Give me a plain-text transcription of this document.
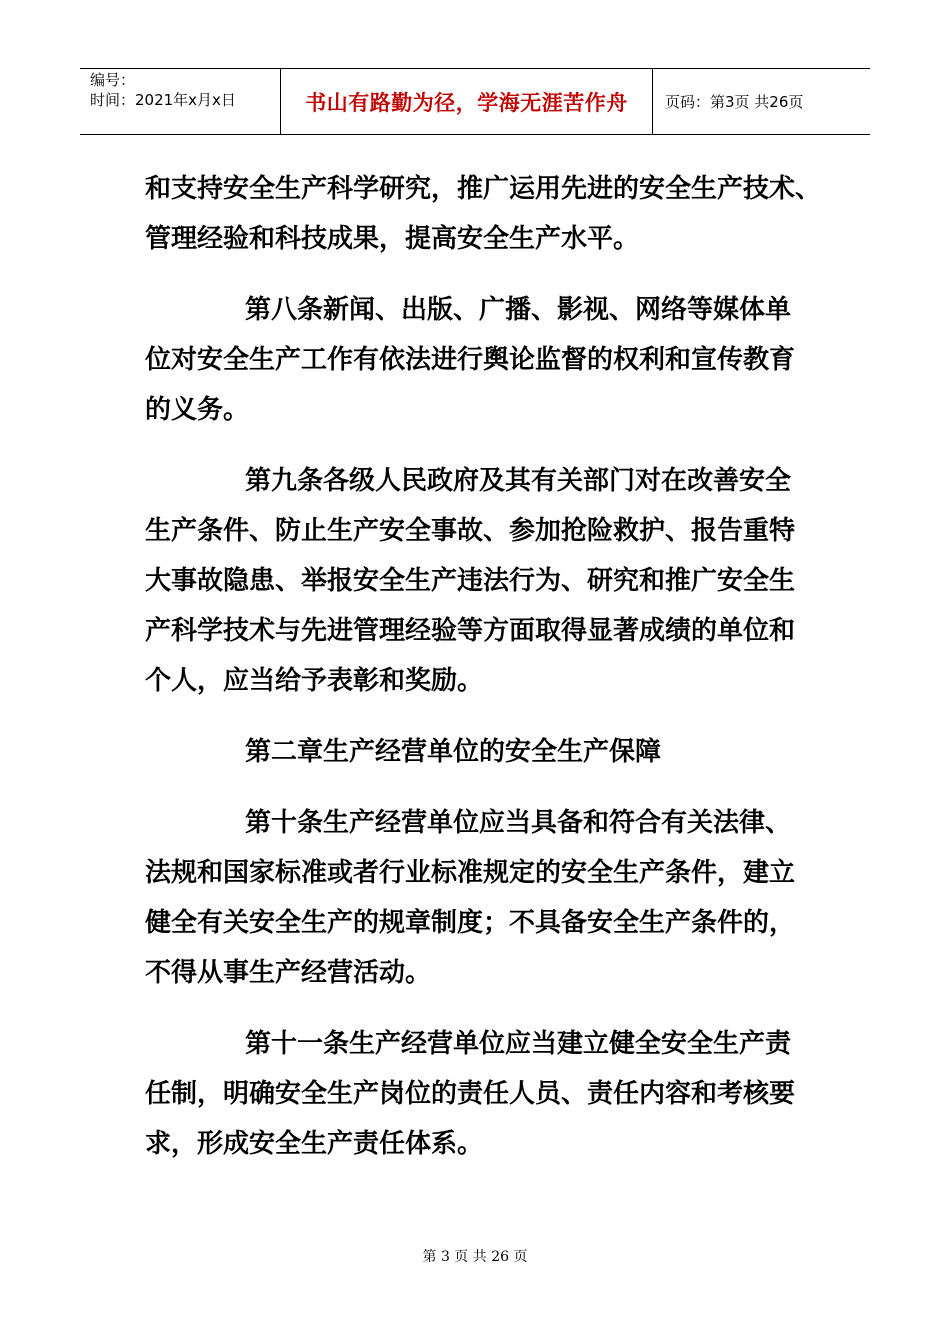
编号：
时间：2021年x月x日	书山有路勤为径，学海无涯苦作舟 页码：第3页 共26页
和支持安全生产科学研究，推广运用先进的安全生产技术、
管理经验和科技成果，提高安全生产水平。
第八条新闻、出版、广播、影视、网络等媒体单
位对安全生产工作有依法进行舆论监督的权利和宣传教育
的义务。
第九条各级人民政府及其有关部门对在改善安全
生产条件、防止生产安全事故、参加抢险救护、报告重特
大事故隐患、举报安全生产违法行为、研究和推广安全生
产科学技术与先进管理经验等方面取得显著成绩的单位和
个人，应当给予表彰和奖励。
第二章生产经营单位的安全生产保障
第十条生产经营单位应当具备和符合有关法律、
法规和国家标准或者行业标准规定的安全生产条件，建立
健全有关安全生产的规章制度；不具备安全生产条件的，
不得从事生产经营活动。
第十一条生产经营单位应当建立健全安全生产责
任制，明确安全生产岗位的责任人员、责任内容和考核要
求，形成安全生产责任体系。
第 3 页 共 26 页
